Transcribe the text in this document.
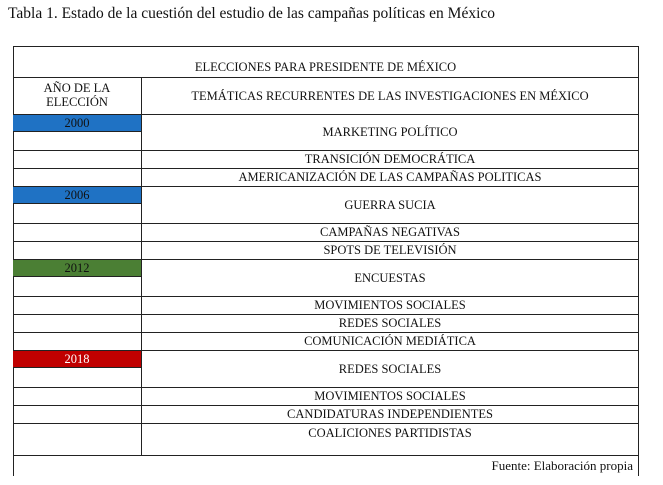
Tabla 1. Estado de la cuestión del estudio de las campañas políticas en México
ELECCIONES PARA PRESIDENTE DE MÉXICO
AÑO DE LA ELECCIÓN	TEMÁTICAS RECURRENTES DE LAS INVESTIGACIONES EN MÉXICO
2000
MARKETING POLÍTICO
TRANSICIÓN DEMOCRÁTICA
AMERICANIZACIÓN DE LAS CAMPAÑAS POLITICAS
2006
GUERRA SUCIA
CAMPAÑAS NEGATIVAS
SPOTS DE TELEVISIÓN
2012
ENCUESTAS
MOVIMIENTOS SOCIALES
REDES SOCIALES
COMUNICACIÓN MEDIÁTICA
2018
REDES SOCIALES
MOVIMIENTOS SOCIALES
CANDIDATURAS INDEPENDIENTES
COALICIONES PARTIDISTAS
Fuente: Elaboración propia
